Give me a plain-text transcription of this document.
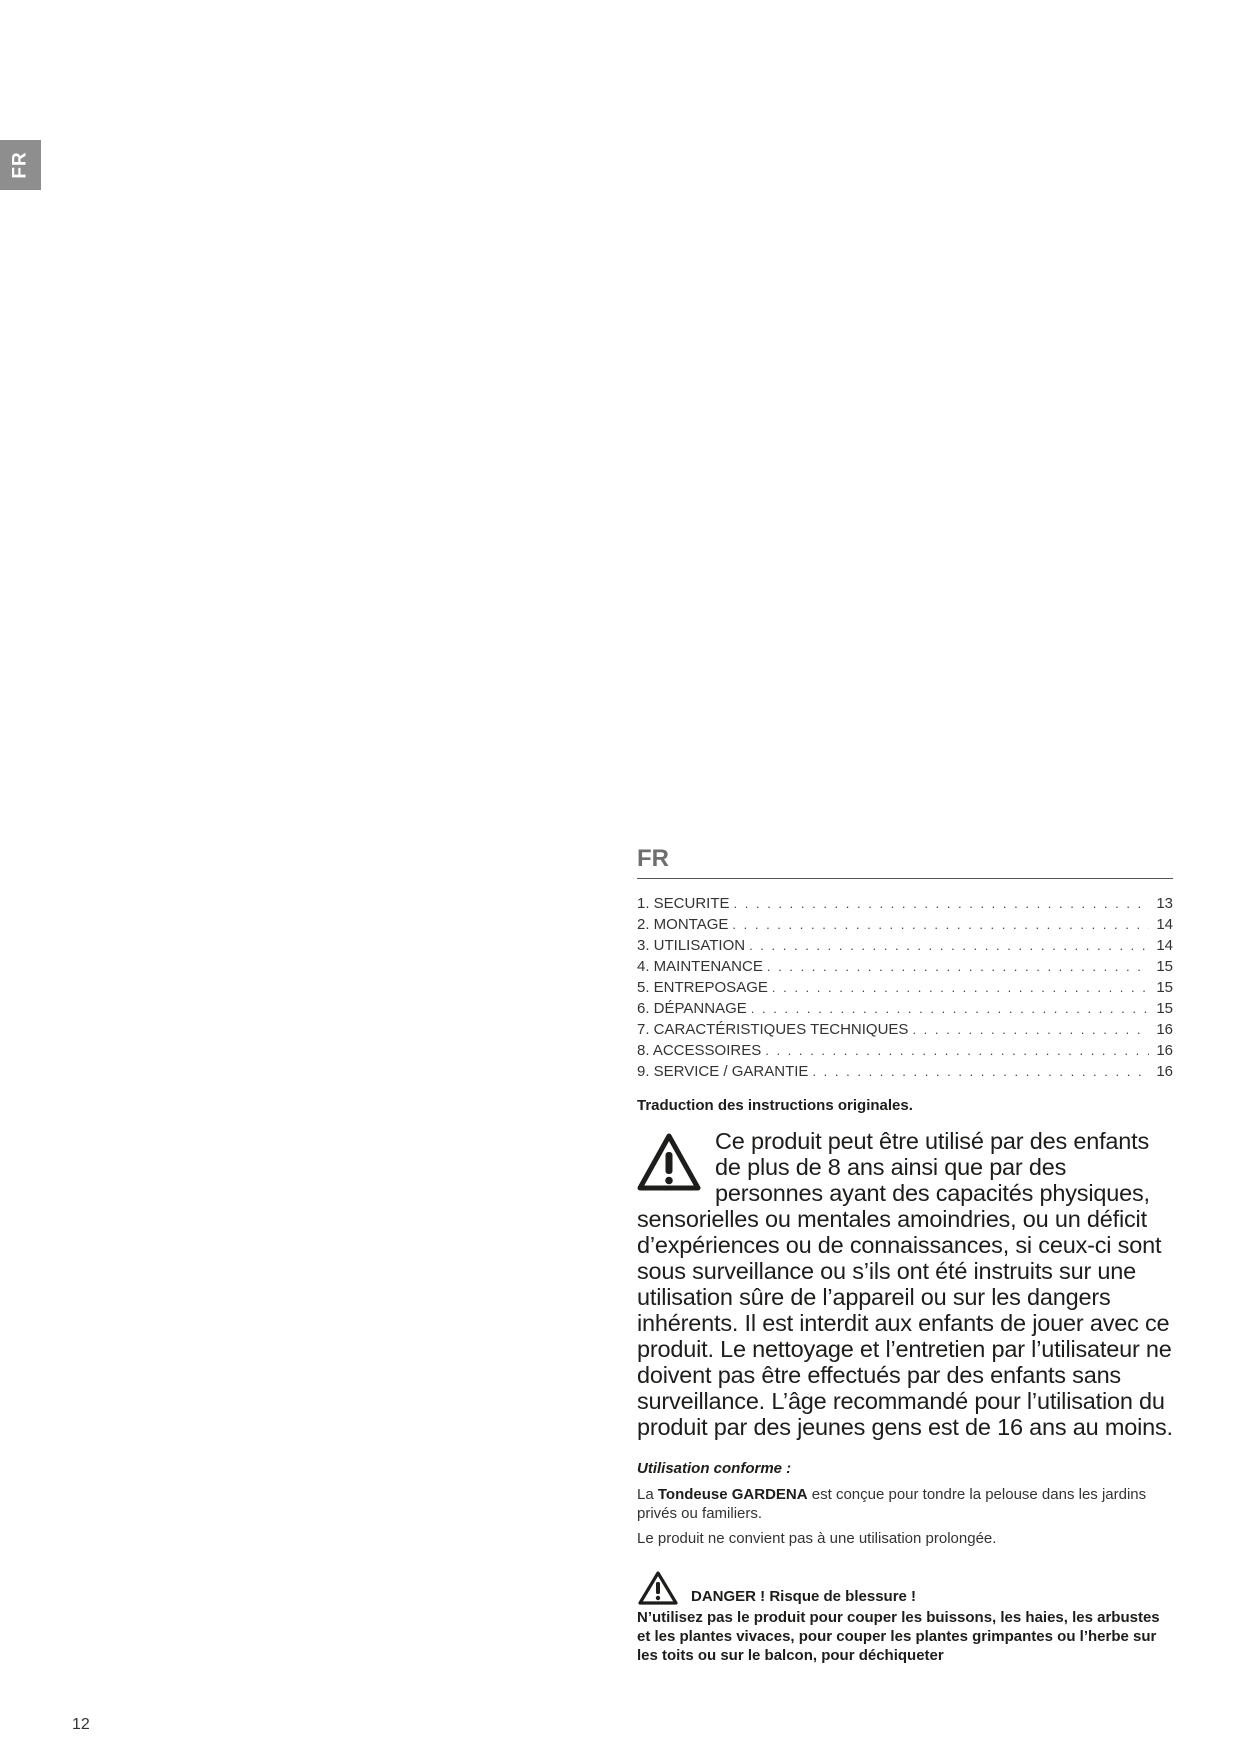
FR
FR
1. SECURITE . . .	13
2. MONTAGE . . .	14
3. UTILISATION . . .	14
4. MAINTENANCE . . .	15
5. ENTREPOSAGE . . .	15
6. DÉPANNAGE . . .	15
7. CARACTÉRISTIQUES TECHNIQUES . . .	16
8. ACCESSOIRES . . .	16
9. SERVICE / GARANTIE . . .	16

Traduction des instructions originales.

Ce produit peut être utilisé par des enfants de plus de 8 ans ainsi que par des personnes ayant des capacités physiques, sensorielles ou mentales amoindries, ou un déficit d’expériences ou de connaissances, si ceux-ci sont sous surveillance ou s’ils ont été instruits sur une utilisation sûre de l’appareil ou sur les dangers inhérents. Il est interdit aux enfants de jouer avec ce produit. Le nettoyage et l’entretien par l’utilisateur ne doivent pas être effectués par des enfants sans surveillance. L’âge recommandé pour l’utilisation du produit par des jeunes gens est de 16 ans au moins.

Utilisation conforme :

La Tondeuse GARDENA est conçue pour tondre la pelouse dans les jardins privés ou familiers.

Le produit ne convient pas à une utilisation prolongée.

DANGER ! Risque de blessure !

N’utilisez pas le produit pour couper les buissons, les haies, les arbustes et les plantes vivaces, pour couper les plantes grimpantes ou l’herbe sur les toits ou sur le balcon, pour déchiqueter

12
